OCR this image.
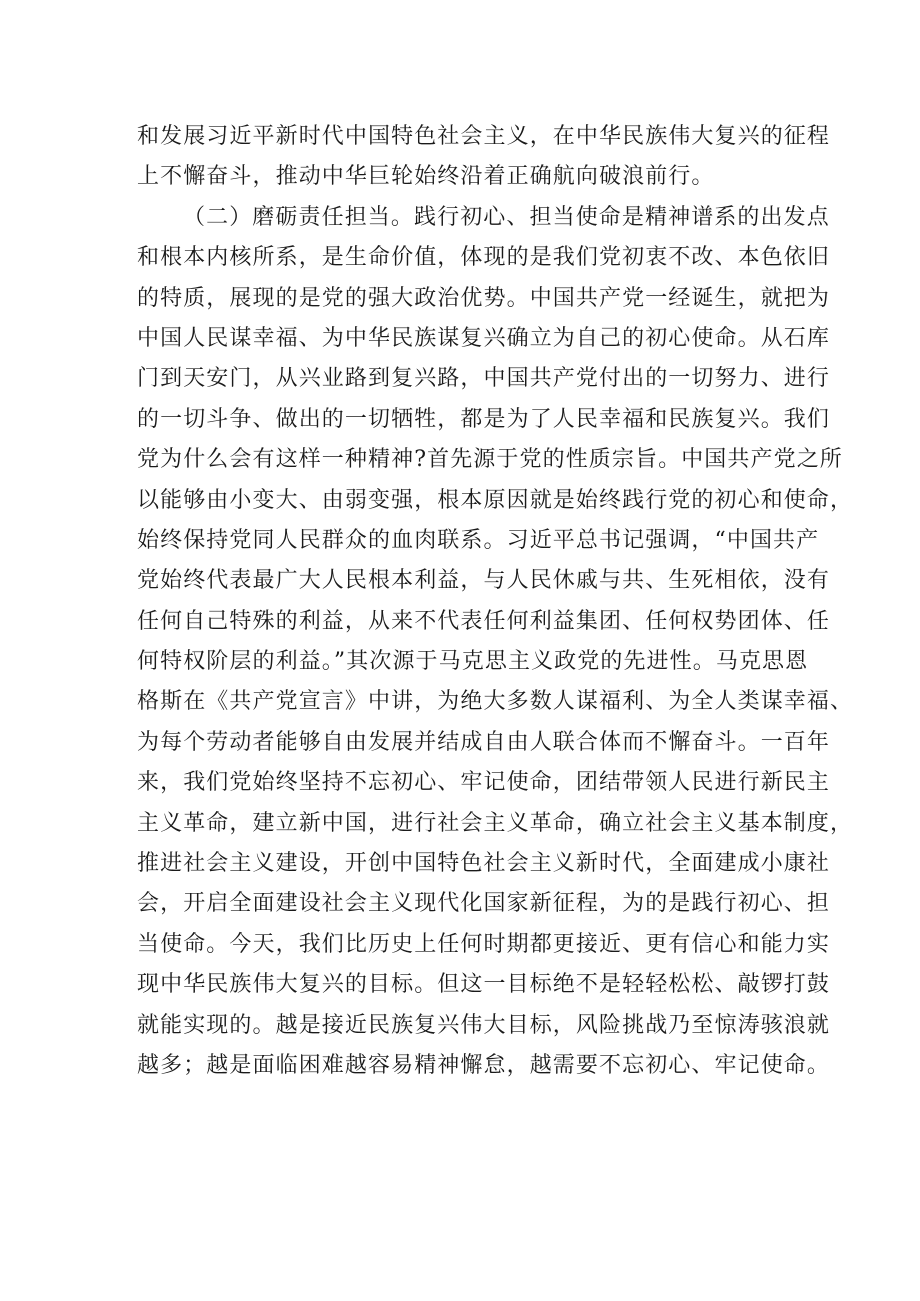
和发展习近平新时代中国特色社会主义，在中华民族伟大复兴的征程
上不懈奋斗，推动中华巨轮始终沿着正确航向破浪前行。
（二）磨砺责任担当。践行初心、担当使命是精神谱系的出发点
和根本内核所系，是生命价值，体现的是我们党初衷不改、本色依旧
的特质，展现的是党的强大政治优势。中国共产党一经诞生，就把为
中国人民谋幸福、为中华民族谋复兴确立为自己的初心使命。从石库
门到天安门，从兴业路到复兴路，中国共产党付出的一切努力、进行
的一切斗争、做出的一切牺牲，都是为了人民幸福和民族复兴。我们
党为什么会有这样一种精神?首先源于党的性质宗旨。中国共产党之所
以能够由小变大、由弱变强，根本原因就是始终践行党的初心和使命，
始终保持党同人民群众的血肉联系。习近平总书记强调，“中国共产
党始终代表最广大人民根本利益，与人民休戚与共、生死相依，没有
任何自己特殊的利益，从来不代表任何利益集团、任何权势团体、任
何特权阶层的利益。”其次源于马克思主义政党的先进性。马克思恩
格斯在《共产党宣言》中讲，为绝大多数人谋福利、为全人类谋幸福、
为每个劳动者能够自由发展并结成自由人联合体而不懈奋斗。一百年
来，我们党始终坚持不忘初心、牢记使命，团结带领人民进行新民主
主义革命，建立新中国，进行社会主义革命，确立社会主义基本制度，
推进社会主义建设，开创中国特色社会主义新时代，全面建成小康社
会，开启全面建设社会主义现代化国家新征程，为的是践行初心、担
当使命。今天，我们比历史上任何时期都更接近、更有信心和能力实
现中华民族伟大复兴的目标。但这一目标绝不是轻轻松松、敲锣打鼓
就能实现的。越是接近民族复兴伟大目标，风险挑战乃至惊涛骇浪就
越多；越是面临困难越容易精神懈怠，越需要不忘初心、牢记使命。
